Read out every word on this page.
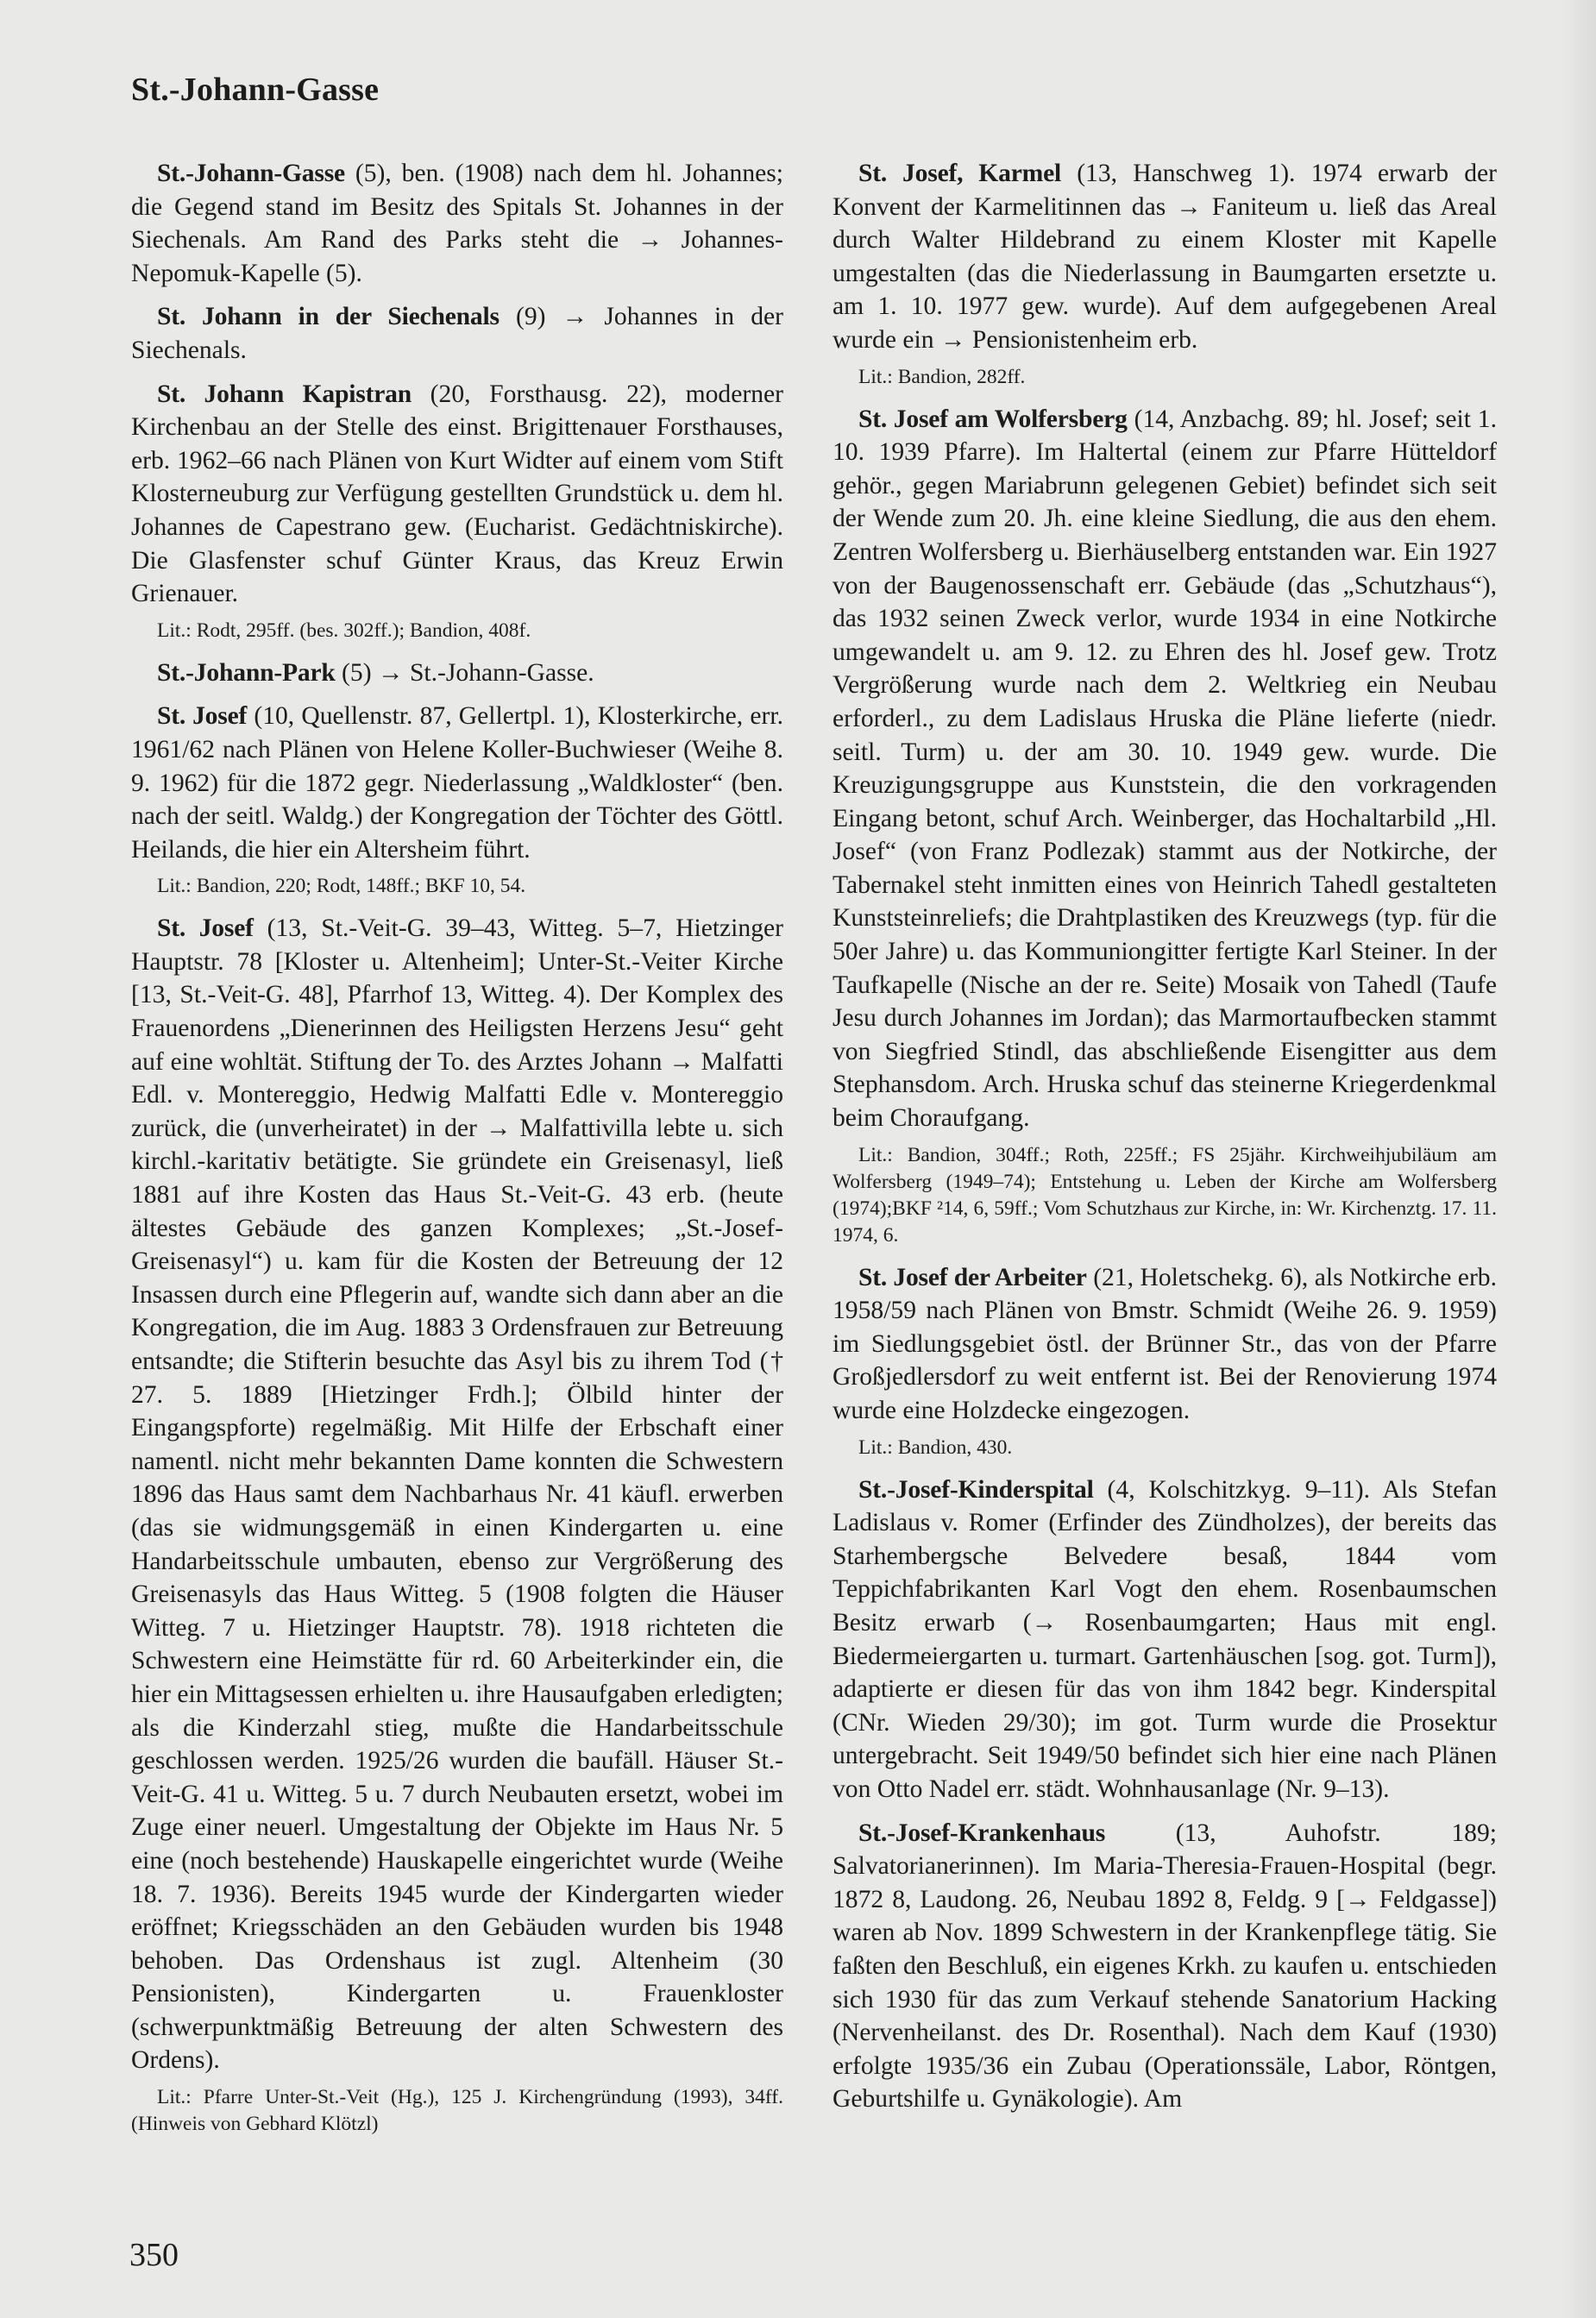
St.-Johann-Gasse

St.-Johann-Gasse (5), ben. (1908) nach dem hl. Johannes; die Gegend stand im Besitz des Spitals St. Johannes in der Siechenals. Am Rand des Parks steht die → Johannes-Nepomuk-Kapelle (5).

St. Johann in der Siechenals (9) → Johannes in der Siechenals.

St. Johann Kapistran (20, Forsthausg. 22), moderner Kirchenbau an der Stelle des einst. Brigittenauer Forsthauses, erb. 1962–66 nach Plänen von Kurt Widter auf einem vom Stift Klosterneuburg zur Verfügung gestellten Grundstück u. dem hl. Johannes de Capestrano gew. (Eucharist. Gedächtniskirche). Die Glasfenster schuf Günter Kraus, das Kreuz Erwin Grienauer.

Lit.: Rodt, 295ff. (bes. 302ff.); Bandion, 408f.

St.-Johann-Park (5) → St.-Johann-Gasse.

St. Josef (10, Quellenstr. 87, Gellertpl. 1), Klosterkirche, err. 1961/62 nach Plänen von Helene Koller-Buchwieser (Weihe 8. 9. 1962) für die 1872 gegr. Niederlassung „Waldkloster“ (ben. nach der seitl. Waldg.) der Kongregation der Töchter des Göttl. Heilands, die hier ein Altersheim führt.

Lit.: Bandion, 220; Rodt, 148ff.; BKF 10, 54.

St. Josef (13, St.-Veit-G. 39–43, Witteg. 5–7, Hietzinger Hauptstr. 78 [Kloster u. Altenheim]; Unter-St.-Veiter Kirche [13, St.-Veit-G. 48], Pfarrhof 13, Witteg. 4). Der Komplex des Frauenordens „Dienerinnen des Heiligsten Herzens Jesu“ geht auf eine wohltät. Stiftung der To. des Arztes Johann → Malfatti Edl. v. Montereggio, Hedwig Malfatti Edle v. Montereggio zurück, die (unverheiratet) in der → Malfattivilla lebte u. sich kirchl.-karitativ betätigte. Sie gründete ein Greisenasyl, ließ 1881 auf ihre Kosten das Haus St.-Veit-G. 43 erb. (heute ältestes Gebäude des ganzen Komplexes; „St.-Josef-Greisenasyl“) u. kam für die Kosten der Betreuung der 12 Insassen durch eine Pflegerin auf, wandte sich dann aber an die Kongregation, die im Aug. 1883 3 Ordensfrauen zur Betreuung entsandte; die Stifterin besuchte das Asyl bis zu ihrem Tod († 27. 5. 1889 [Hietzinger Frdh.]; Ölbild hinter der Eingangspforte) regelmäßig. Mit Hilfe der Erbschaft einer namentl. nicht mehr bekannten Dame konnten die Schwestern 1896 das Haus samt dem Nachbarhaus Nr. 41 käufl. erwerben (das sie widmungsgemäß in einen Kindergarten u. eine Handarbeitsschule umbauten, ebenso zur Vergrößerung des Greisenasyls das Haus Witteg. 5 (1908 folgten die Häuser Witteg. 7 u. Hietzinger Hauptstr. 78). 1918 richteten die Schwestern eine Heimstätte für rd. 60 Arbeiterkinder ein, die hier ein Mittagsessen erhielten u. ihre Hausaufgaben erledigten; als die Kinderzahl stieg, mußte die Handarbeitsschule geschlossen werden. 1925/26 wurden die baufäll. Häuser St.-Veit-G. 41 u. Witteg. 5 u. 7 durch Neubauten ersetzt, wobei im Zuge einer neuerl. Umgestaltung der Objekte im Haus Nr. 5 eine (noch bestehende) Hauskapelle eingerichtet wurde (Weihe 18. 7. 1936). Bereits 1945 wurde der Kindergarten wieder eröffnet; Kriegsschäden an den Gebäuden wurden bis 1948 behoben. Das Ordenshaus ist zugl. Altenheim (30 Pensionisten), Kindergarten u. Frauenkloster (schwerpunktmäßig Betreuung der alten Schwestern des Ordens).

Lit.: Pfarre Unter-St.-Veit (Hg.), 125 J. Kirchengründung (1993), 34ff. (Hinweis von Gebhard Klötzl)

St. Josef, Karmel (13, Hanschweg 1). 1974 erwarb der Konvent der Karmelitinnen das → Faniteum u. ließ das Areal durch Walter Hildebrand zu einem Kloster mit Kapelle umgestalten (das die Niederlassung in Baumgarten ersetzte u. am 1. 10. 1977 gew. wurde). Auf dem aufgegebenen Areal wurde ein → Pensionistenheim erb.

Lit.: Bandion, 282ff.

St. Josef am Wolfersberg (14, Anzbachg. 89; hl. Josef; seit 1. 10. 1939 Pfarre). Im Haltertal (einem zur Pfarre Hütteldorf gehör., gegen Mariabrunn gelegenen Gebiet) befindet sich seit der Wende zum 20. Jh. eine kleine Siedlung, die aus den ehem. Zentren Wolfersberg u. Bierhäuselberg entstanden war. Ein 1927 von der Baugenossenschaft err. Gebäude (das „Schutzhaus“), das 1932 seinen Zweck verlor, wurde 1934 in eine Notkirche umgewandelt u. am 9. 12. zu Ehren des hl. Josef gew. Trotz Vergrößerung wurde nach dem 2. Weltkrieg ein Neubau erforderl., zu dem Ladislaus Hruska die Pläne lieferte (niedr. seitl. Turm) u. der am 30. 10. 1949 gew. wurde. Die Kreuzigungsgruppe aus Kunststein, die den vorkragenden Eingang betont, schuf Arch. Weinberger, das Hochaltarbild „Hl. Josef“ (von Franz Podlezak) stammt aus der Notkirche, der Tabernakel steht inmitten eines von Heinrich Tahedl gestalteten Kunststeinreliefs; die Drahtplastiken des Kreuzwegs (typ. für die 50er Jahre) u. das Kommuniongitter fertigte Karl Steiner. In der Taufkapelle (Nische an der re. Seite) Mosaik von Tahedl (Taufe Jesu durch Johannes im Jordan); das Marmortaufbecken stammt von Siegfried Stindl, das abschließende Eisengitter aus dem Stephansdom. Arch. Hruska schuf das steinerne Kriegerdenkmal beim Choraufgang.

Lit.: Bandion, 304ff.; Roth, 225ff.; FS 25jähr. Kirchweihjubiläum am Wolfersberg (1949–74); Entstehung u. Leben der Kirche am Wolfersberg (1974);BKF ²14, 6, 59ff.; Vom Schutzhaus zur Kirche, in: Wr. Kirchenztg. 17. 11. 1974, 6.

St. Josef der Arbeiter (21, Holetschekg. 6), als Notkirche erb. 1958/59 nach Plänen von Bmstr. Schmidt (Weihe 26. 9. 1959) im Siedlungsgebiet östl. der Brünner Str., das von der Pfarre Großjedlersdorf zu weit entfernt ist. Bei der Renovierung 1974 wurde eine Holzdecke eingezogen.

Lit.: Bandion, 430.

St.-Josef-Kinderspital (4, Kolschitzkyg. 9–11). Als Stefan Ladislaus v. Romer (Erfinder des Zündholzes), der bereits das Starhembergsche Belvedere besaß, 1844 vom Teppichfabrikanten Karl Vogt den ehem. Rosenbaumschen Besitz erwarb (→ Rosenbaumgarten; Haus mit engl. Biedermeiergarten u. turmart. Gartenhäuschen [sog. got. Turm]), adaptierte er diesen für das von ihm 1842 begr. Kinderspital (CNr. Wieden 29/30); im got. Turm wurde die Prosektur untergebracht. Seit 1949/50 befindet sich hier eine nach Plänen von Otto Nadel err. städt. Wohnhausanlage (Nr. 9–13).

St.-Josef-Krankenhaus (13, Auhofstr. 189; Salvatorianerinnen). Im Maria-Theresia-Frauen-Hospital (begr. 1872 8, Laudong. 26, Neubau 1892 8, Feldg. 9 [→ Feldgasse]) waren ab Nov. 1899 Schwestern in der Krankenpflege tätig. Sie faßten den Beschluß, ein eigenes Krkh. zu kaufen u. entschieden sich 1930 für das zum Verkauf stehende Sanatorium Hacking (Nervenheilanst. des Dr. Rosenthal). Nach dem Kauf (1930) erfolgte 1935/36 ein Zubau (Operationssäle, Labor, Röntgen, Geburtshilfe u. Gynäkologie). Am

350
